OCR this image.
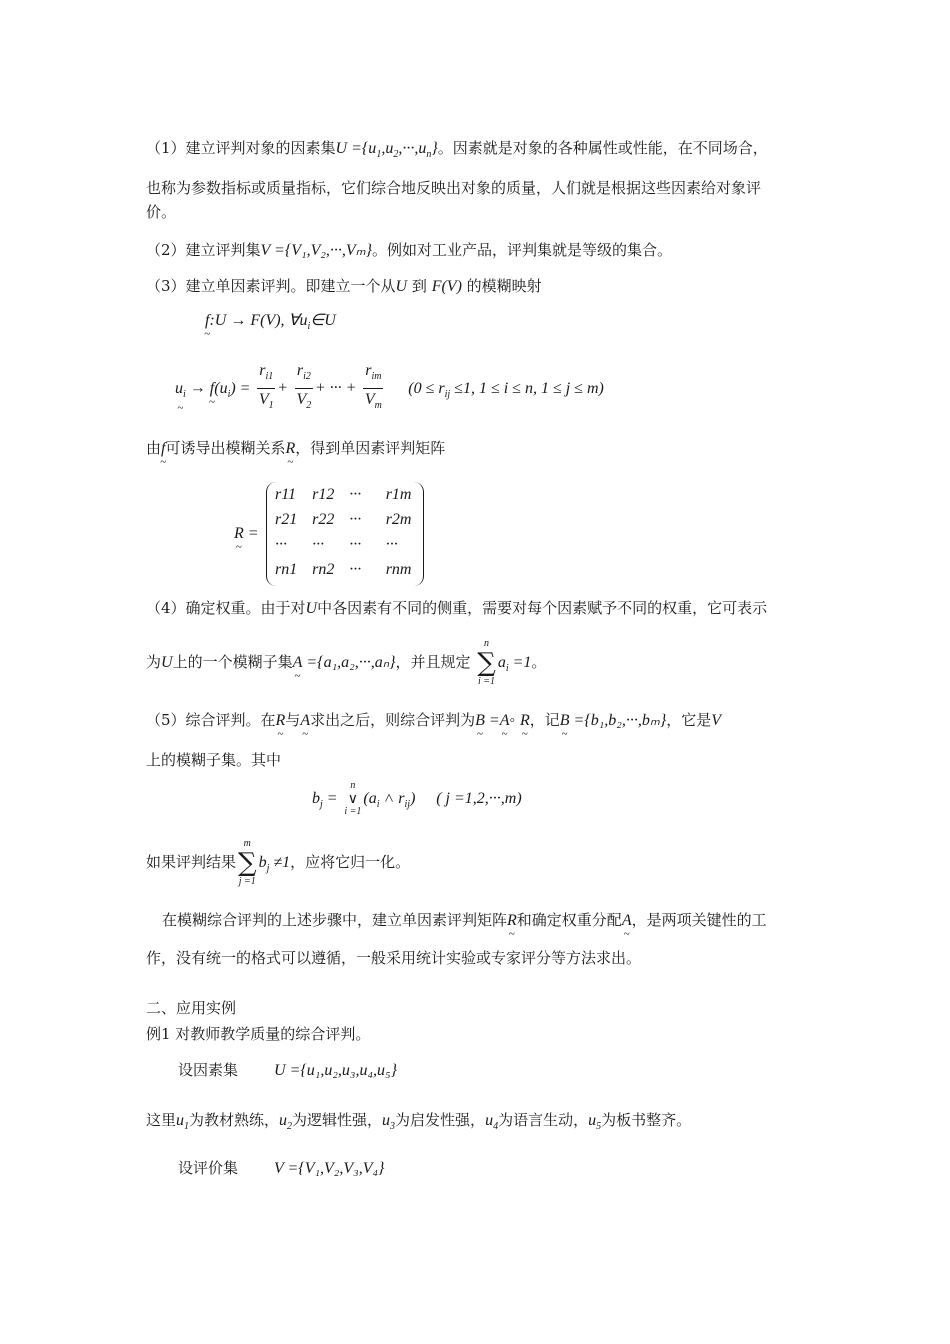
（1）建立评判对象的因素集$U =\{u_1,u_2,\cdot\cdot\cdot,u_n\}$。因素就是对象的各种属性或性能，在不同场合，
也称为参数指标或质量指标，它们综合地反映出对象的质量，人们就是根据这些因素给对象评
价。
（2）建立评判集V ={V₁,V₂,···,Vₘ}。例如对工业产品，评判集就是等级的集合。
（3）建立单因素评判。即建立一个从U 到 F(V) 的模糊映射
f ~:U → F(V), $\forall u_i\in U$
$u_i$ ~ → f $\sim(u_i) = \frac{r_{i1}}{V_1} + \frac{r_{i2}}{V_2}$ + ··· + $\frac{r_{im}}{V_m} (0 \le r_{ij} \le 1$, 1 ≤ i ≤ n, 1 ≤ j ≤ m)
由f ~可诱导出模糊关系R ~，得到单因素评判矩阵
R ~ =
r11	r12	···	r1m
r21	r22	···	r2m
···	···	···	···
rn1	rn2	···	rnm
（4）确定权重。由于对U中各因素有不同的侧重，需要对每个因素赋予不同的权重，它可表示
为U上的一个模糊子集A ~ ={a₁,a₂,···,aₙ}，并且规定
n
∑
i =1
$a_i =1$。
（5）综合评判。在R ~与A ~求出之后，则综合评判为B ~ =A ~◦ R ~，记B ~ ={b₁,b₂,···,bₘ}，它是V
上的模糊子集。其中
$b_j$ =
n
∨
i =1
($a_i$ ˄ $r_{ij}$) ( j =1,2,···,m)
如果评判结果
m
∑
j =1
$b_j \ne 1$，应将它归一化。
在模糊综合评判的上述步骤中，建立单因素评判矩阵R ~和确定权重分配A ~，是两项关键性的工
作，没有统一的格式可以遵循，一般采用统计实验或专家评分等方法求出。
二、应用实例
例1 对教师教学质量的综合评判。
设因素集 U ={u₁,u₂,u₃,u₄,u₅}
这里$u_1$为教材熟练，$u_2$为逻辑性强，$u_3$为启发性强，$u_4$为语言生动，$u_5$为板书整齐。
设评价集 V ={V₁,V₂,V₃,V₄}
